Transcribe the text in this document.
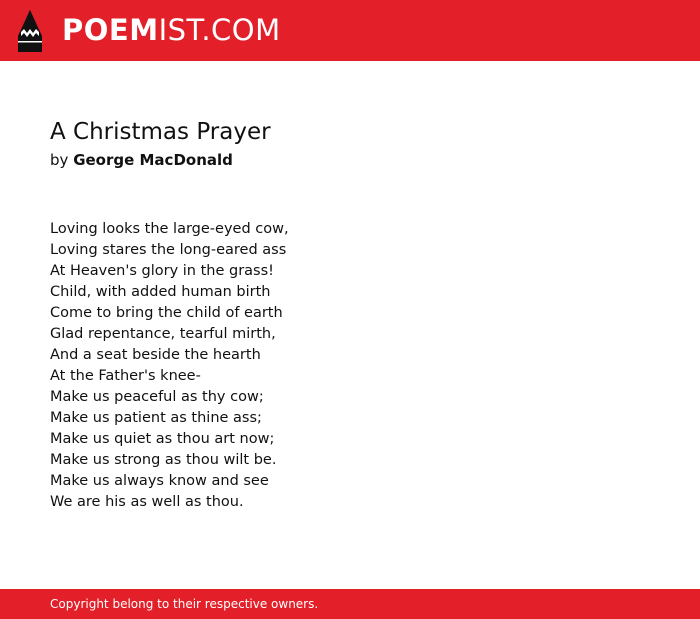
POEMIST.COM
A Christmas Prayer
by George MacDonald
Loving looks the large-eyed cow,
Loving stares the long-eared ass
At Heaven's glory in the grass!
Child, with added human birth
Come to bring the child of earth
Glad repentance, tearful mirth,
And a seat beside the hearth
At the Father's knee-
Make us peaceful as thy cow;
Make us patient as thine ass;
Make us quiet as thou art now;
Make us strong as thou wilt be.
Make us always know and see
We are his as well as thou.
Copyright belong to their respective owners.
